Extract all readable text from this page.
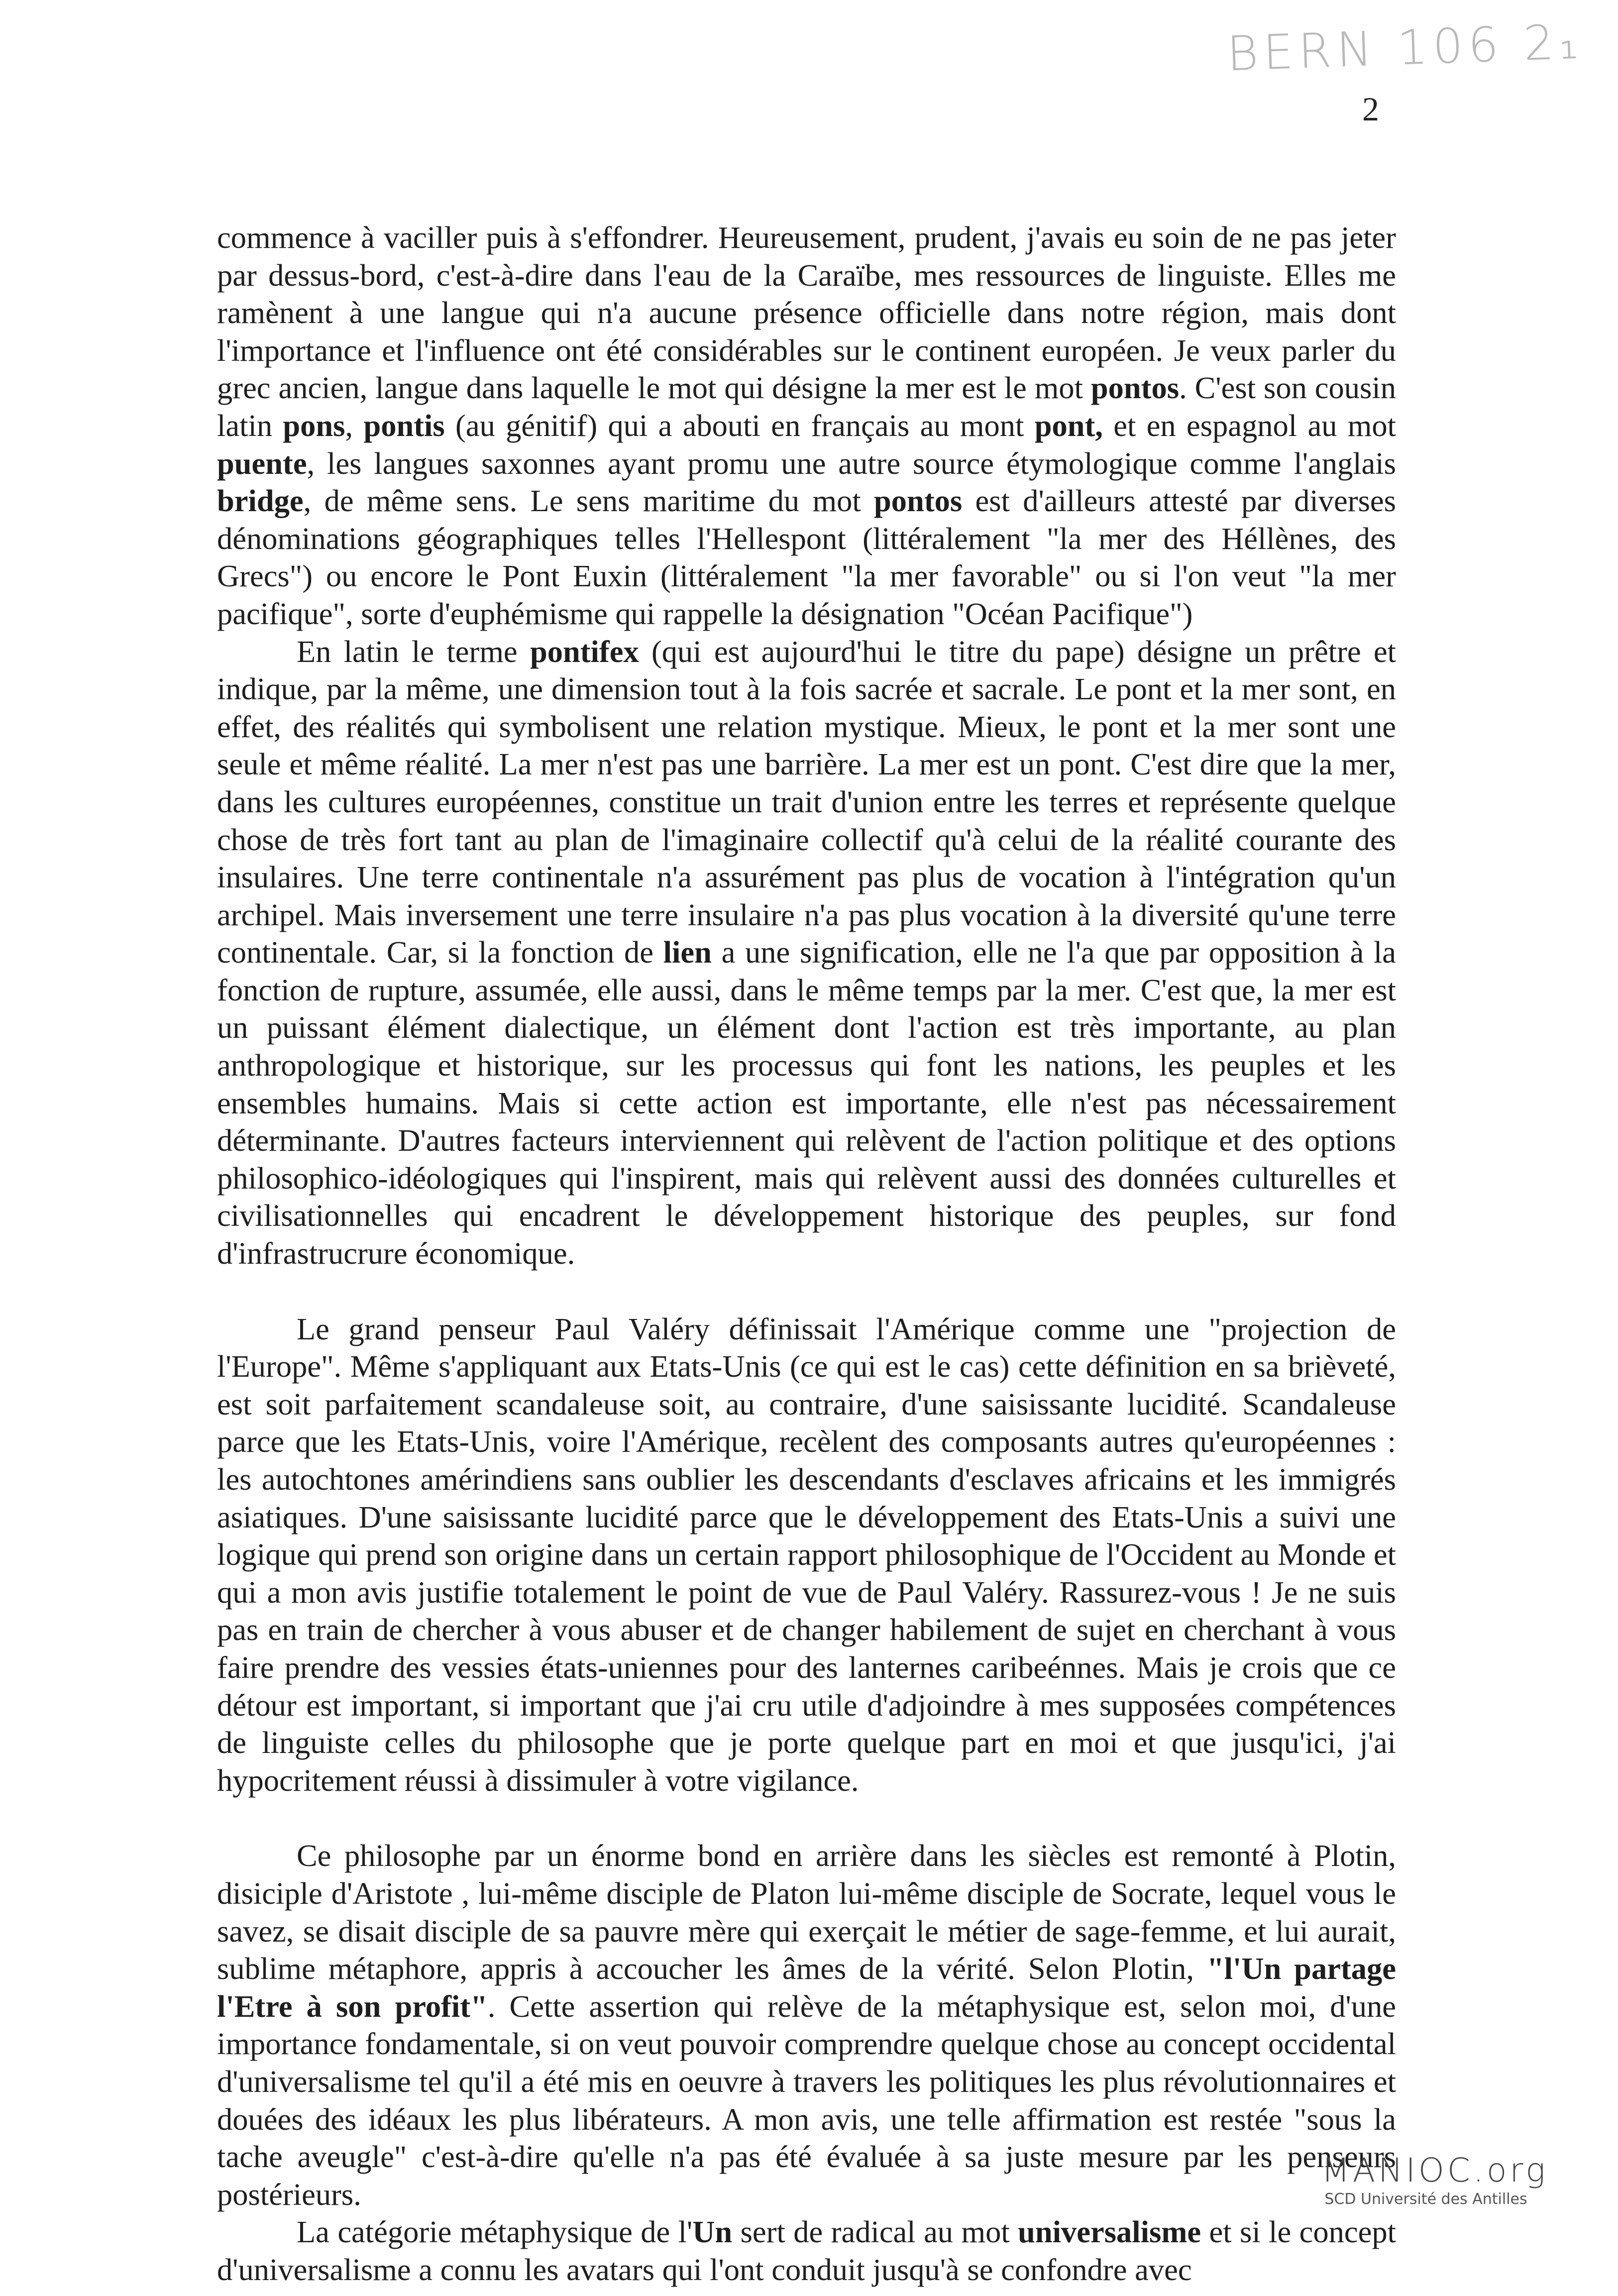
BERN 106 2₁
2

commence à vaciller puis à s'effondrer. Heureusement, prudent, j'avais eu soin de ne pas jeter par dessus-bord, c'est-à-dire dans l'eau de la Caraïbe, mes ressources de linguiste. Elles me ramènent à une langue qui n'a aucune présence officielle dans notre région, mais dont l'importance et l'influence ont été considérables sur le continent européen. Je veux parler du grec ancien, langue dans laquelle le mot qui désigne la mer est le mot pontos. C'est son cousin latin pons, pontis (au génitif) qui a abouti en français au mont pont, et en espagnol au mot puente, les langues saxonnes ayant promu une autre source étymologique comme l'anglais bridge, de même sens. Le sens maritime du mot pontos est d'ailleurs attesté par diverses dénominations géographiques telles l'Hellespont (littéralement "la mer des Héllènes, des Grecs") ou encore le Pont Euxin (littéralement "la mer favorable" ou si l'on veut "la mer pacifique", sorte d'euphémisme qui rappelle la désignation "Océan Pacifique")

En latin le terme pontifex (qui est aujourd'hui le titre du pape) désigne un prêtre et indique, par la même, une dimension tout à la fois sacrée et sacrale. Le pont et la mer sont, en effet, des réalités qui symbolisent une relation mystique. Mieux, le pont et la mer sont une seule et même réalité. La mer n'est pas une barrière. La mer est un pont. C'est dire que la mer, dans les cultures européennes, constitue un trait d'union entre les terres et représente quelque chose de très fort tant au plan de l'imaginaire collectif qu'à celui de la réalité courante des insulaires. Une terre continentale n'a assurément pas plus de vocation à l'intégration qu'un archipel. Mais inversement une terre insulaire n'a pas plus vocation à la diversité qu'une terre continentale. Car, si la fonction de lien a une signification, elle ne l'a que par opposition à la fonction de rupture, assumée, elle aussi, dans le même temps par la mer. C'est que, la mer est un puissant élément dialectique, un élément dont l'action est très importante, au plan anthropologique et historique, sur les processus qui font les nations, les peuples et les ensembles humains. Mais si cette action est importante, elle n'est pas nécessairement déterminante. D'autres facteurs interviennent qui relèvent de l'action politique et des options philosophico-idéologiques qui l'inspirent, mais qui relèvent aussi des données culturelles et civilisationnelles qui encadrent le développement historique des peuples, sur fond d'infrastrucrure économique.

Le grand penseur Paul Valéry définissait l'Amérique comme une "projection de l'Europe". Même s'appliquant aux Etats-Unis (ce qui est le cas) cette définition en sa brièveté, est soit parfaitement scandaleuse soit, au contraire, d'une saisissante lucidité. Scandaleuse parce que les Etats-Unis, voire l'Amérique, recèlent des composants autres qu'européennes : les autochtones amérindiens sans oublier les descendants d'esclaves africains et les immigrés asiatiques. D'une saisissante lucidité parce que le développement des Etats-Unis a suivi une logique qui prend son origine dans un certain rapport philosophique de l'Occident au Monde et qui a mon avis justifie totalement le point de vue de Paul Valéry. Rassurez-vous ! Je ne suis pas en train de chercher à vous abuser et de changer habilement de sujet en cherchant à vous faire prendre des vessies états-uniennes pour des lanternes caribeénnes. Mais je crois que ce détour est important, si important que j'ai cru utile d'adjoindre à mes supposées compétences de linguiste celles du philosophe que je porte quelque part en moi et que jusqu'ici, j'ai hypocritement réussi à dissimuler à votre vigilance.

Ce philosophe par un énorme bond en arrière dans les siècles est remonté à Plotin, disiciple d'Aristote , lui-même disciple de Platon lui-même disciple de Socrate, lequel vous le savez, se disait disciple de sa pauvre mère qui exerçait le métier de sage-femme, et lui aurait, sublime métaphore, appris à accoucher les âmes de la vérité. Selon Plotin, "l'Un partage l'Etre à son profit". Cette assertion qui relève de la métaphysique est, selon moi, d'une importance fondamentale, si on veut pouvoir comprendre quelque chose au concept occidental d'universalisme tel qu'il a été mis en oeuvre à travers les politiques les plus révolutionnaires et douées des idéaux les plus libérateurs. A mon avis, une telle affirmation est restée "sous la tache aveugle" c'est-à-dire qu'elle n'a pas été évaluée à sa juste mesure par les penseurs postérieurs.

La catégorie métaphysique de l'Un sert de radical au mot universalisme et si le concept d'universalisme a connu les avatars qui l'ont conduit jusqu'à se confondre avec

MANIOC.org
SCD Université des Antilles
